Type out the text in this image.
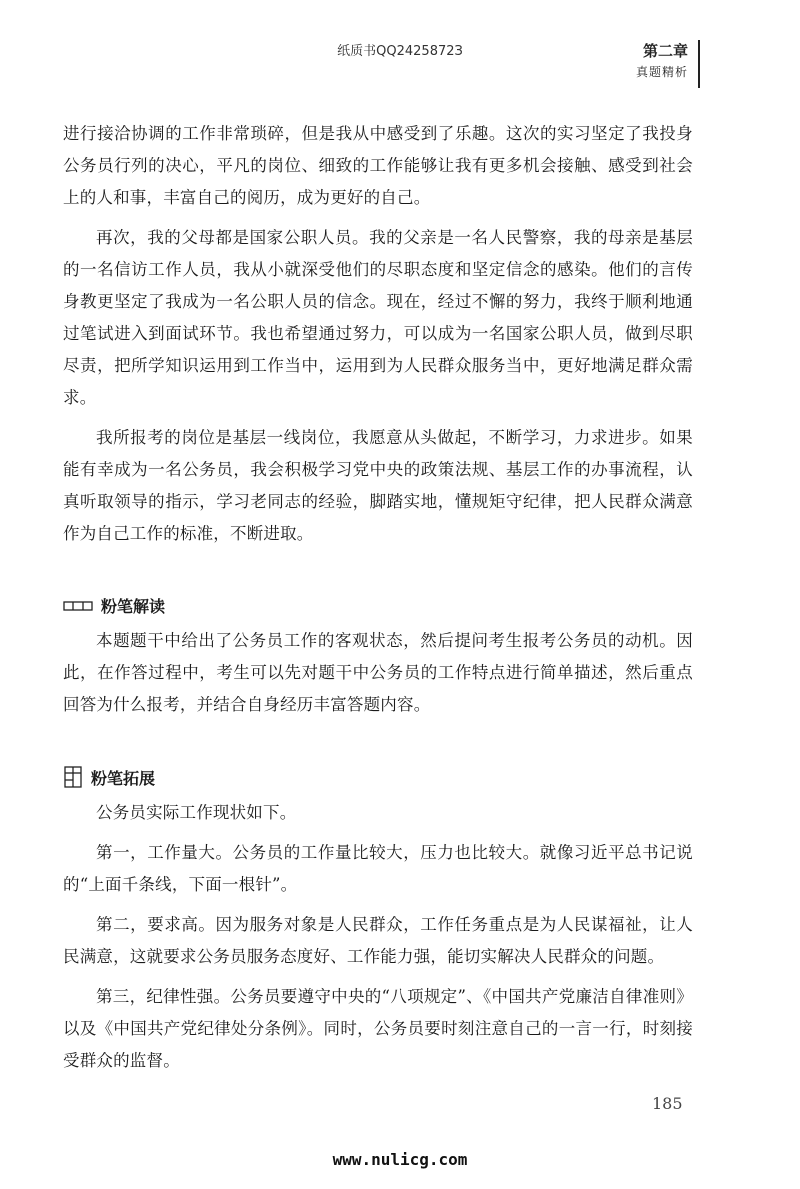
纸质书QQ2425872З	第二章
真题精析

进行接洽协调的工作非常琐碎，但是我从中感受到了乐趣。这次的实习坚定了我投身公务员行列的决心，平凡的岗位、细致的工作能够让我有更多机会接触、感受到社会上的人和事，丰富自己的阅历，成为更好的自己。

再次，我的父母都是国家公职人员。我的父亲是一名人民警察，我的母亲是基层的一名信访工作人员，我从小就深受他们的尽职态度和坚定信念的感染。他们的言传身教更坚定了我成为一名公职人员的信念。现在，经过不懈的努力，我终于顺利地通过笔试进入到面试环节。我也希望通过努力，可以成为一名国家公职人员，做到尽职尽责，把所学知识运用到工作当中，运用到为人民群众服务当中，更好地满足群众需求。

我所报考的岗位是基层一线岗位，我愿意从头做起，不断学习，力求进步。如果能有幸成为一名公务员，我会积极学习党中央的政策法规、基层工作的办事流程，认真听取领导的指示，学习老同志的经验，脚踏实地，懂规矩守纪律，把人民群众满意作为自己工作的标准，不断进取。

粉笔解读

本题题干中给出了公务员工作的客观状态，然后提问考生报考公务员的动机。因此，在作答过程中，考生可以先对题干中公务员的工作特点进行简单描述，然后重点回答为什么报考，并结合自身经历丰富答题内容。

粉笔拓展

公务员实际工作现状如下。

第一，工作量大。公务员的工作量比较大，压力也比较大。就像习近平总书记说的“上面千条线，下面一根针”。

第二，要求高。因为服务对象是人民群众，工作任务重点是为人民谋福祉，让人民满意，这就要求公务员服务态度好、工作能力强，能切实解决人民群众的问题。

第三，纪律性强。公务员要遵守中央的“八项规定”、《中国共产党廉洁自律准则》以及《中国共产党纪律处分条例》。同时，公务员要时刻注意自己的一言一行，时刻接受群众的监督。

185
www.nulicg.com
